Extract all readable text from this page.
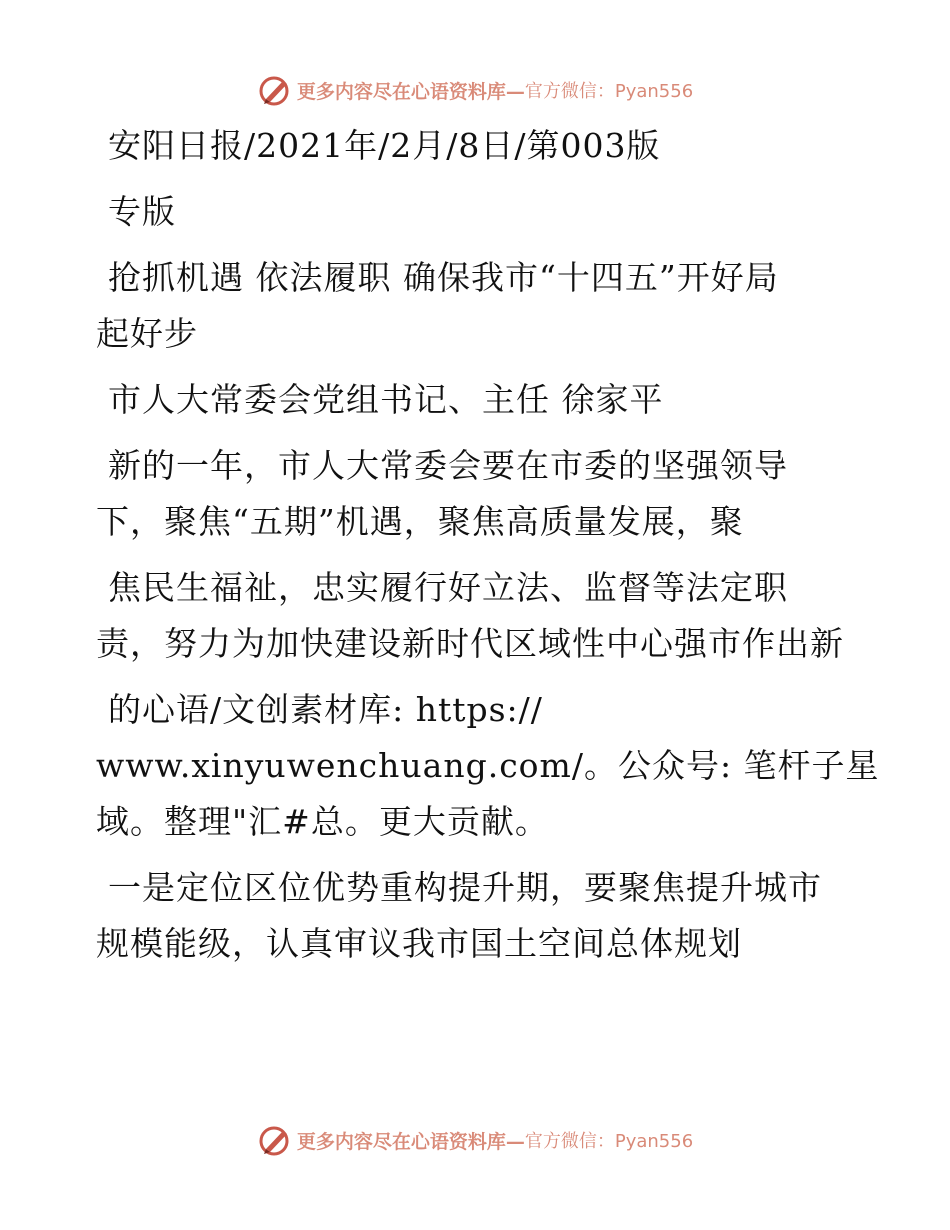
更多内容尽在心语资料库— 官方微信：Pyan556

安阳日报/2021年/2月/8日/第003版

专版

抢抓机遇 依法履职 确保我市“十四五”开好局

起好步

市人大常委会党组书记、主任 徐家平

新的一年，市人大常委会要在市委的坚强领导

下，聚焦“五期”机遇，聚焦高质量发展，聚

焦民生福祉，忠实履行好立法、监督等法定职

责，努力为加快建设新时代区域性中心强市作出新

的心语/文创素材库: https://

www.xinyuwenchuang.com/。公众号: 笔杆子星

域。整理"汇#总。更大贡献。

一是定位区位优势重构提升期，要聚焦提升城市

规模能级，认真审议我市国土空间总体规划

更多内容尽在心语资料库— 官方微信：Pyan556
